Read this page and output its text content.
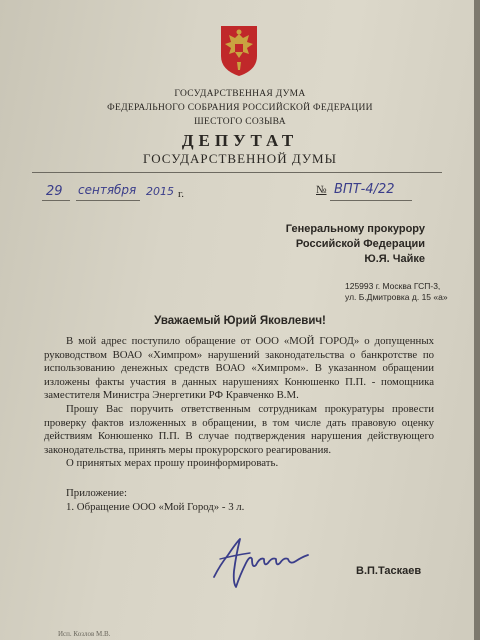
ГОСУДАРСТВЕННАЯ ДУМА
ФЕДЕРАЛЬНОГО СОБРАНИЯ РОССИЙСКОЙ ФЕДЕРАЦИИ
ШЕСТОГО СОЗЫВА
ДЕПУТАТ
ГОСУДАРСТВЕННОЙ ДУМЫ
29 сентября 2015 г.	№ ВПТ-4/22
Генеральному прокурору
Российской Федерации
Ю.Я. Чайке
125993 г. Москва ГСП-3,
ул. Б.Дмитровка д. 15 «а»
Уважаемый Юрий Яковлевич!

В мой адрес поступило обращение от ООО «МОЙ ГОРОД» о допущенных руководством ВОАО «Химпром» нарушений законодательства о банкротстве по использованию денежных средств ВОАО «Химпром». В указанном обращении изложены факты участия в данных нарушениях Конюшенко П.П. - помощника заместителя Министра Энергетики РФ Кравченко В.М.

Прошу Вас поручить ответственным сотрудникам прокуратуры провести проверку фактов изложенных в обращении, в том числе дать правовую оценку действиям Конюшенко П.П. В случае подтверждения нарушения действующего законодательства, принять меры прокурорского реагирования.

О принятых мерах прошу проинформировать.

Приложение:
1. Обращение ООО «Мой Город» - 3 л.
В.П.Таскаев
Исп. Козлов М.В.
